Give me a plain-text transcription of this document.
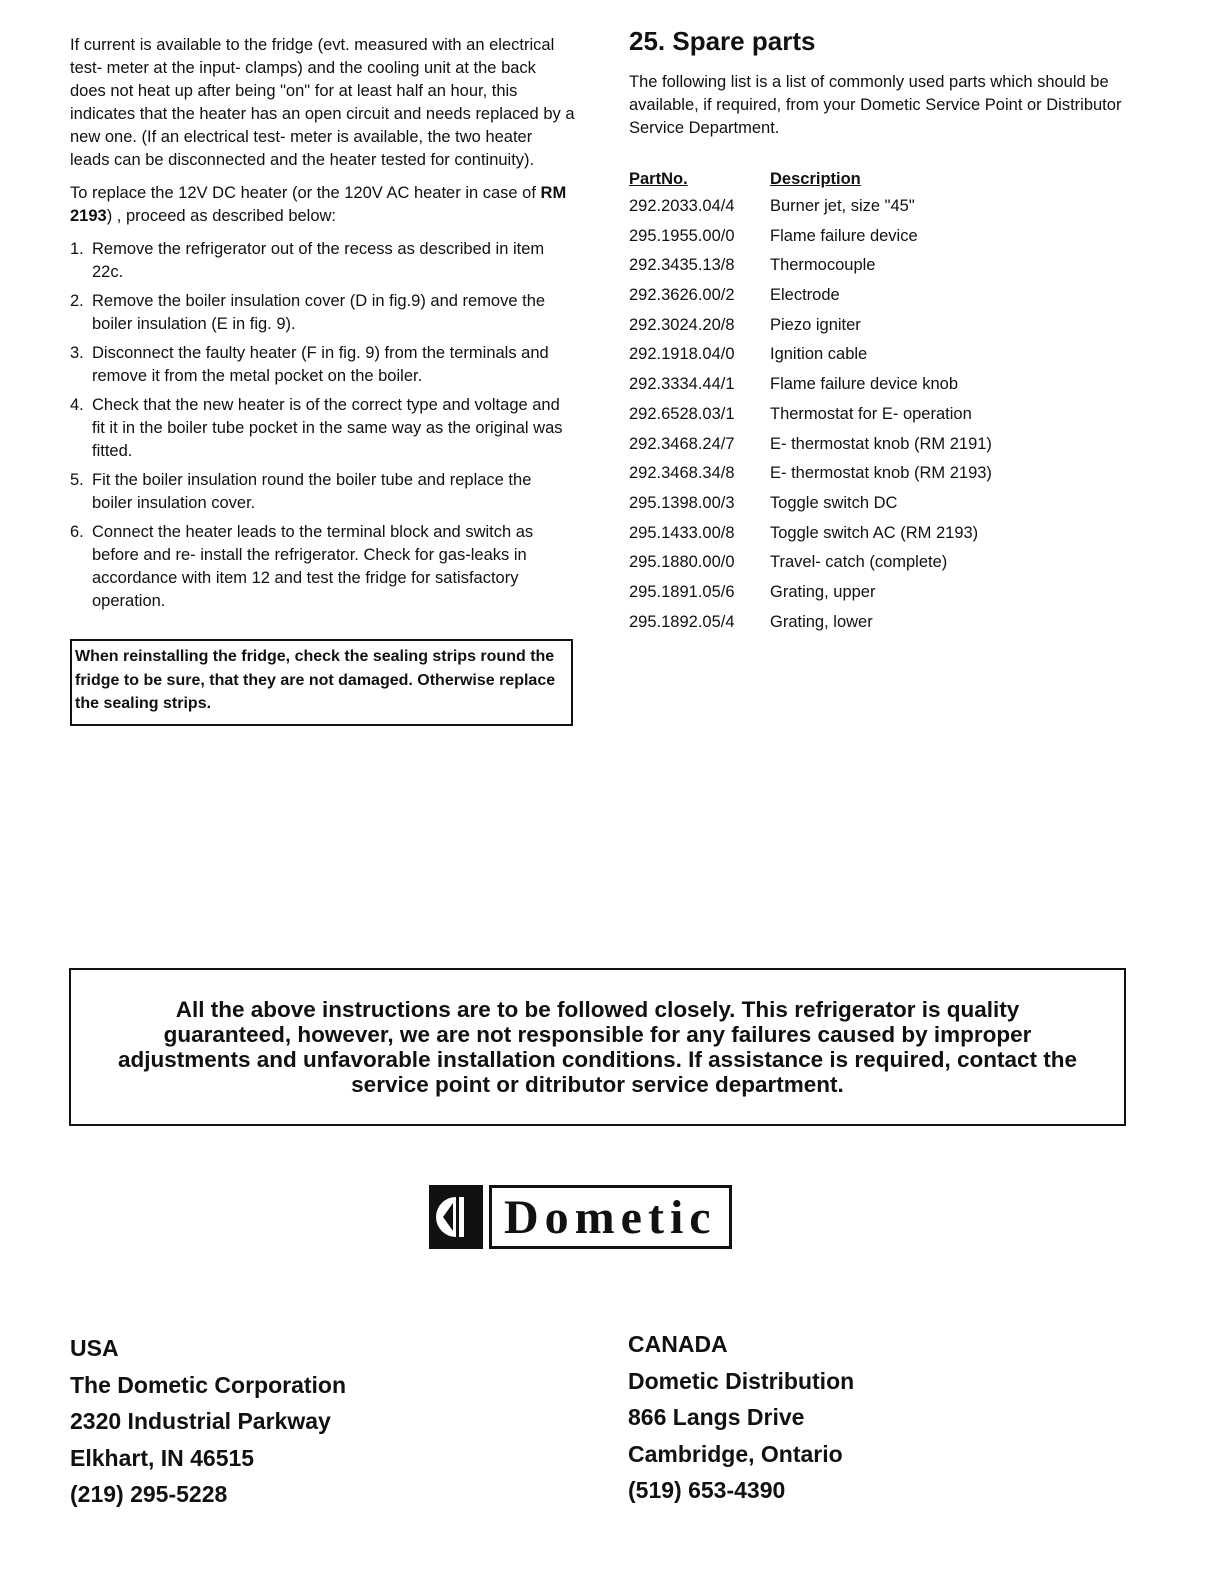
If current is available to the fridge (evt. measured with an electrical test- meter at the input- clamps) and the cooling unit at the back does not heat up after being "on" for at least half an hour, this indicates that the heater has an open circuit and needs replaced by a new one. (If an electrical test- meter is available, the two heater leads can be disconnected and the heater tested for continuity).

To replace the 12V DC heater (or the 120V AC heater in case of RM 2193) , proceed as described below:

1. Remove the refrigerator out of the recess as described in item 22c.
2. Remove the boiler insulation cover (D in fig.9) and remove the boiler insulation (E in fig. 9).
3. Disconnect the faulty heater (F in fig. 9) from the terminals and remove it from the metal pocket on the boiler.
4. Check that the new heater is of the correct type and voltage and fit it in the boiler tube pocket in the same way as the original was fitted.
5. Fit the boiler insulation round the boiler tube and replace the boiler insulation cover.
6. Connect the heater leads to the terminal block and switch as before and re- install the refrigerator. Check for gas-leaks in accordance with item 12 and test the fridge for satisfactory operation.
When reinstalling the fridge, check the sealing strips round the fridge to be sure, that they are not damaged. Otherwise replace the sealing strips.
25. Spare parts

The following list is a list of commonly used parts which should be available, if required, from your Dometic Service Point or Distributor Service Department.

PartNo.	Description
292.2033.04/4	Burner jet, size "45"
295.1955.00/0	Flame failure device
292.3435.13/8	Thermocouple
292.3626.00/2	Electrode
292.3024.20/8	Piezo igniter
292.1918.04/0	Ignition cable
292.3334.44/1	Flame failure device knob
292.6528.03/1	Thermostat for E- operation
292.3468.24/7	E- thermostat knob (RM 2191)
292.3468.34/8	E- thermostat knob (RM 2193)
295.1398.00/3	Toggle switch DC
295.1433.00/8	Toggle switch AC (RM 2193)
295.1880.00/0	Travel- catch (complete)
295.1891.05/6	Grating, upper
295.1892.05/4	Grating, lower
All the above instructions are to be followed closely. This refrigerator is quality guaranteed, however, we are not responsible for any failures caused by improper adjustments and unfavorable installation conditions. If assistance is required, contact the service point or ditributor service department.
Dometic
USA
The Dometic Corporation
2320 Industrial Parkway
Elkhart, IN 46515
(219) 295-5228
CANADA
Dometic Distribution
866 Langs Drive
Cambridge, Ontario
(519) 653-4390
